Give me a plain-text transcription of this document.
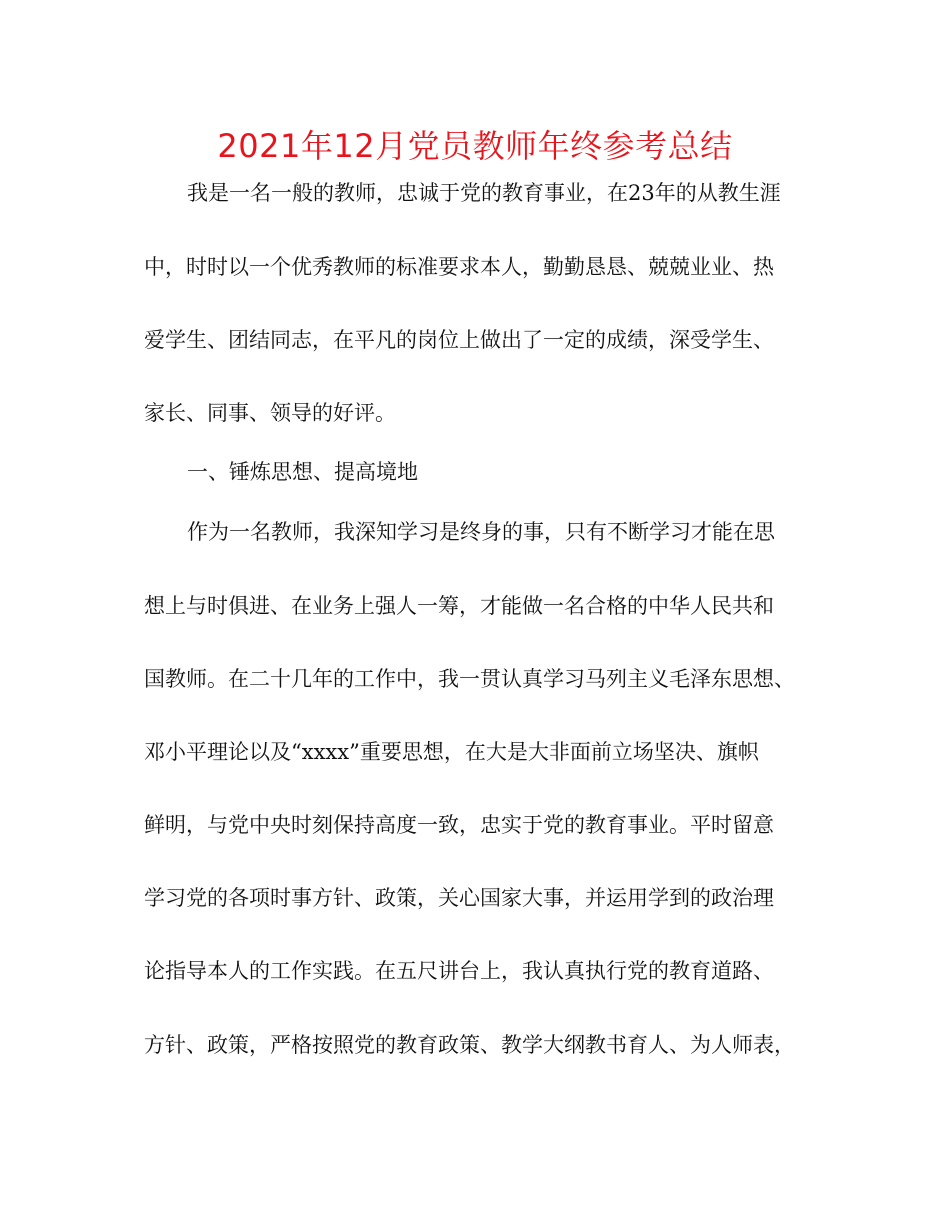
2021年12月党员教师年终参考总结
我是一名一般的教师，忠诚于党的教育事业，在23年的从教生涯
中，时时以一个优秀教师的标准要求本人，勤勤恳恳、兢兢业业、热
爱学生、团结同志，在平凡的岗位上做出了一定的成绩，深受学生、
家长、同事、领导的好评。
一、锤炼思想、提高境地
作为一名教师，我深知学习是终身的事，只有不断学习才能在思
想上与时俱进、在业务上强人一筹，才能做一名合格的中华人民共和
国教师。在二十几年的工作中，我一贯认真学习马列主义毛泽东思想、
邓小平理论以及“xxxx”重要思想，在大是大非面前立场坚决、旗帜
鲜明，与党中央时刻保持高度一致，忠实于党的教育事业。平时留意
学习党的各项时事方针、政策，关心国家大事，并运用学到的政治理
论指导本人的工作实践。在五尺讲台上，我认真执行党的教育道路、
方针、政策，严格按照党的教育政策、教学大纲教书育人、为人师表，
